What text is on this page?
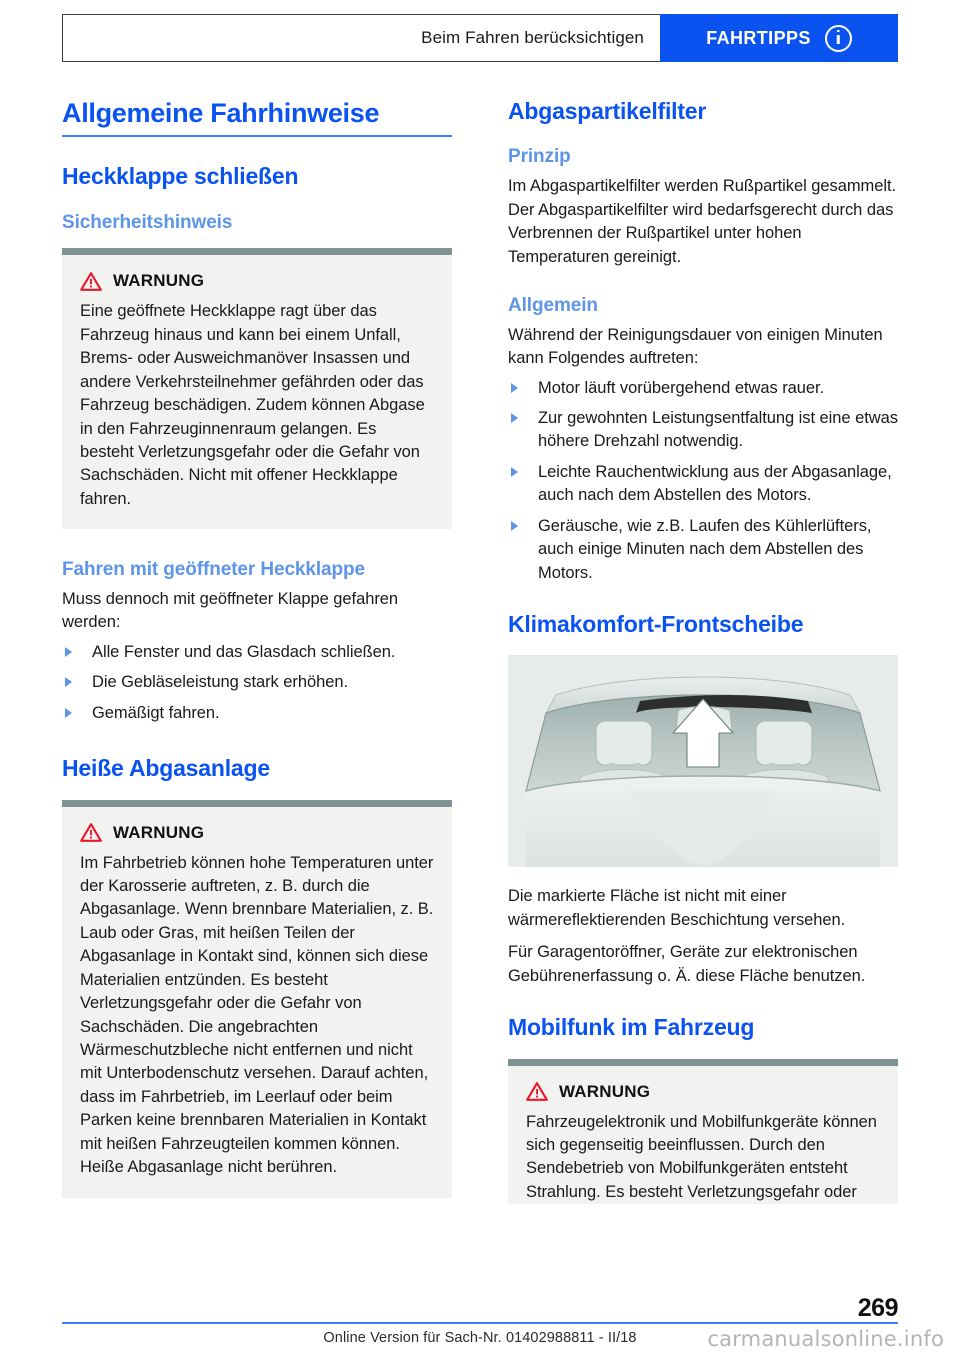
Beim Fahren berücksichtigen	FAHRTIPPS
Allgemeine Fahrhinweise
Heckklappe schließen
Sicherheitshinweis
WARNUNG

Eine geöffnete Heckklappe ragt über das Fahrzeug hinaus und kann bei einem Unfall, Brems- oder Ausweichmanöver Insassen und andere Verkehrsteilnehmer gefährden oder das Fahrzeug beschädigen. Zudem können Abgase in den Fahrzeuginnenraum gelangen. Es besteht Verletzungsgefahr oder die Gefahr von Sachschäden. Nicht mit offener Heckklappe fahren.

Fahren mit geöffneter Heckklappe

Muss dennoch mit geöffneter Klappe gefahren werden:

Alle Fenster und das Glasdach schließen.
Die Gebläseleistung stark erhöhen.
Gemäßigt fahren.
Heiße Abgasanlage
WARNUNG

Im Fahrbetrieb können hohe Temperaturen unter der Karosserie auftreten, z. B. durch die Abgasanlage. Wenn brennbare Materialien, z. B. Laub oder Gras, mit heißen Teilen der Abgasanlage in Kontakt sind, können sich diese Materialien entzünden. Es besteht Verletzungsgefahr oder die Gefahr von Sachschäden. Die angebrachten Wärmeschutzbleche nicht entfernen und nicht mit Unterbodenschutz versehen. Darauf achten, dass im Fahrbetrieb, im Leerlauf oder beim Parken keine brennbaren Materialien in Kontakt mit heißen Fahrzeugteilen kommen können. Heiße Abgasanlage nicht berühren.

Abgaspartikelfilter
Prinzip

Im Abgaspartikelfilter werden Rußpartikel gesammelt. Der Abgaspartikelfilter wird bedarfsgerecht durch das Verbrennen der Rußpartikel unter hohen Temperaturen gereinigt.

Allgemein

Während der Reinigungsdauer von einigen Minuten kann Folgendes auftreten:

Motor läuft vorübergehend etwas rauer.
Zur gewohnten Leistungsentfaltung ist eine etwas höhere Drehzahl notwendig.
Leichte Rauchentwicklung aus der Abgasanlage, auch nach dem Abstellen des Motors.
Geräusche, wie z.B. Laufen des Kühlerlüfters, auch einige Minuten nach dem Abstellen des Motors.
Klimakomfort-Frontscheibe

Die markierte Fläche ist nicht mit einer wärmereflektierenden Beschichtung versehen.

Für Garagentoröffner, Geräte zur elektronischen Gebührenerfassung o. Ä. diese Fläche benutzen.

Mobilfunk im Fahrzeug
WARNUNG

Fahrzeugelektronik und Mobilfunkgeräte können sich gegenseitig beeinflussen. Durch den Sendebetrieb von Mobilfunkgeräten entsteht Strahlung. Es besteht Verletzungsgefahr oder

269
Online Version für Sach-Nr. 01402988811 - II/18	carmanualsonline.info
